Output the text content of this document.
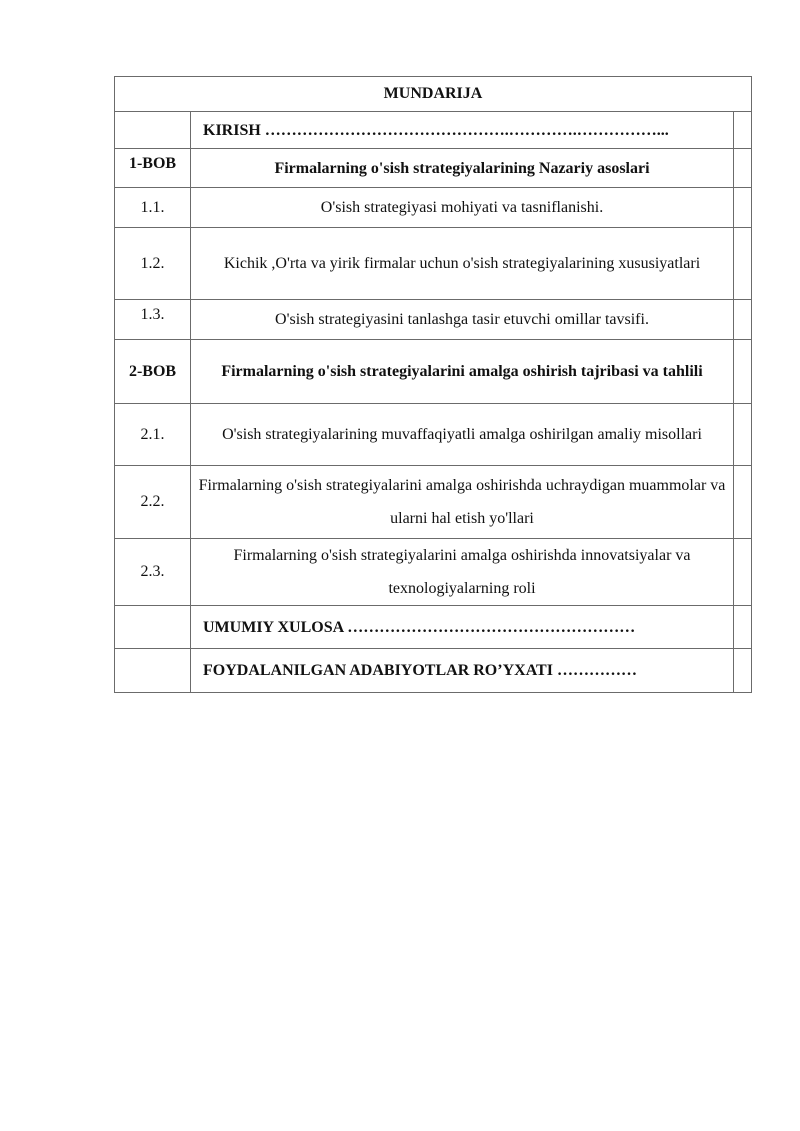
MUNDARIJA		
	KIRISH ……………………………………….………….……………...	
1-BOB	Firmalarning o'sish strategiyalarining Nazariy asoslari	
1.1.	O'sish strategiyasi mohiyati va tasniflanishi.	
1.2.	Kichik ,O'rta va yirik firmalar uchun o'sish strategiyalarining xususiyatlari	
1.3.	O'sish strategiyasini tanlashga tasir etuvchi omillar tavsifi.	
2-BOB	Firmalarning o'sish strategiyalarini amalga oshirish tajribasi va tahlili	
2.1.	O'sish strategiyalarining muvaffaqiyatli amalga oshirilgan amaliy misollari	
2.2.	Firmalarning o'sish strategiyalarini amalga oshirishda uchraydigan muammolar va ularni hal etish yo'llari	
2.3.	Firmalarning o'sish strategiyalarini amalga oshirishda innovatsiyalar va texnologiyalarning roli	
	UMUMIY XULOSA ………………………………………………	
	FOYDALANILGAN ADABIYOTLAR RO’YXATI ……………	
